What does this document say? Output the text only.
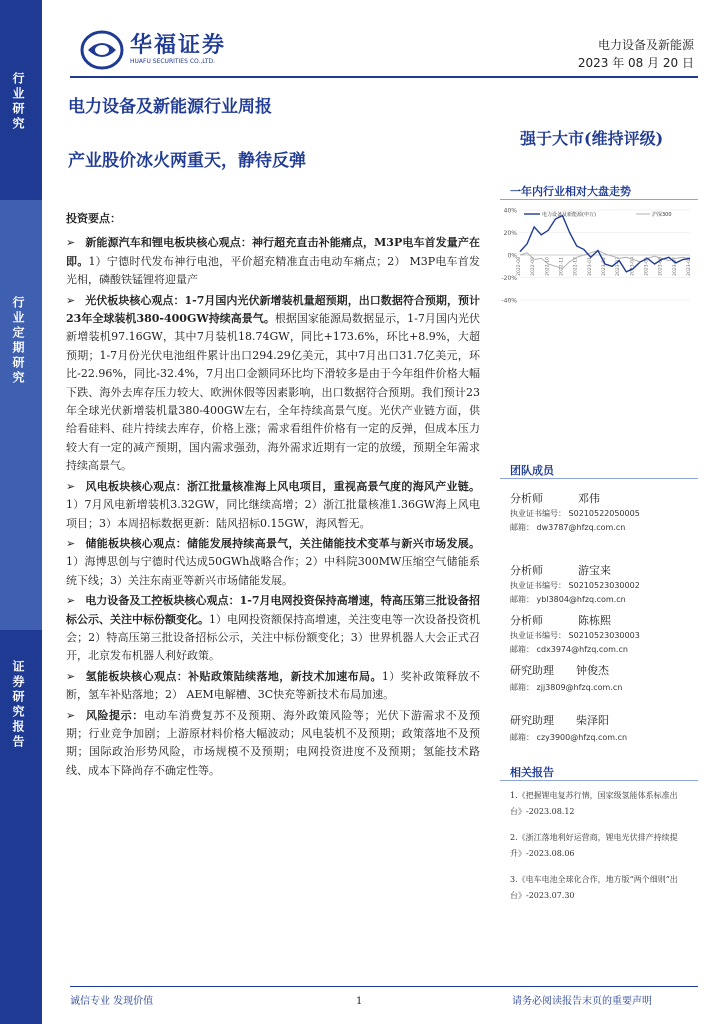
行业研究
行业定期研究
证券研究报告
华福证券
HUAFU SECURITIES CO.,LTD.
电力设备及新能源
2023 年 08 月 20 日
电力设备及新能源行业周报
强于大市(维持评级)
产业股价冰火两重天，静待反弹
一年内行业相对大盘走势
40%
20%
0%
-20%
-40%
2022-08 2022-09 2022-10 2022-11 2022-12 2023-01 2023-02 2023-03 2023-04 2023-05 2023-06 2023-07 2023-08
电力设备及新能源(申万)	沪深300
投资要点：

➢ 新能源汽车和锂电板块核心观点：神行超充直击补能痛点，M3P电车首发量产在即。1）宁德时代发布神行电池，平价超充精准直击电动车痛点；2） M3P电车首发光相，磷酸铁锰锂将迎量产

➢ 光伏板块核心观点：1-7月国内光伏新增装机量超预期，出口数据符合预期，预计23年全球装机380-400GW持续高景气。根据国家能源局数据显示，1-7月国内光伏新增装机97.16GW，其中7月装机18.74GW，同比+173.6%，环比+8.9%，大超预期；1-7月份光伏电池组件累计出口294.29亿美元，其中7月出口31.7亿美元，环比-22.96%，同比-32.4%，7月出口金额同环比均下滑较多是由于今年组件价格大幅下跌、海外去库存压力较大、欧洲休假等因素影响，出口数据符合预期。我们预计23年全球光伏新增装机量380-400GW左右，全年持续高景气度。光伏产业链方面，供给看硅料、硅片持续去库存，价格上涨；需求看组件价格有一定的反弹，但成本压力较大有一定的减产预期，国内需求强劲，海外需求近期有一定的放缓，预期全年需求持续高景气。

➢ 风电板块核心观点：浙江批量核准海上风电项目，重视高景气度的海风产业链。1）7月风电新增装机3.32GW，同比继续高增；2）浙江批量核准1.36GW海上风电项目；3）本周招标数据更新：陆风招标0.15GW，海风暂无。

➢ 储能板块核心观点：储能发展持续高景气，关注储能技术变革与新兴市场发展。1）海博思创与宁德时代达成50GWh战略合作；2）中科院300MW压缩空气储能系统下线；3）关注东南亚等新兴市场储能发展。

➢ 电力设备及工控板块核心观点：1-7月电网投资保持高增速，特高压第三批设备招标公示、关注中标份额变化。1）电网投资额保持高增速，关注变电等一次设备投资机会；2）特高压第三批设备招标公示，关注中标份额变化；3）世界机器人大会正式召开，北京发布机器人利好政策。

➢ 氢能板块核心观点：补贴政策陆续落地，新技术加速布局。1）奖补政策释放不断，氢车补贴落地；2） AEM电解槽、3C快充等新技术布局加速。

➢ 风险提示：电动车消费复苏不及预期、海外政策风险等；光伏下游需求不及预期；行业竞争加剧；上游原材料价格大幅波动；风电装机不及预期；政策落地不及预期；国际政治形势风险，市场规模不及预期；电网投资进度不及预期；氢能技术路线、成本下降尚存不确定性等。

团队成员
分析师	邓伟
执业证书编号： S0210522050005
邮箱： dw3787@hfzq.com.cn
分析师	游宝来
执业证书编号： S0210523030002
邮箱： ybl3804@hfzq.com.cn
分析师	陈栋熙
执业证书编号： S0210523030003
邮箱： cdx3974@hfzq.com.cn
研究助理 钟俊杰
邮箱： zjj3809@hfzq.com.cn
研究助理 柴泽阳
邮箱： czy3900@hfzq.com.cn
相关报告
1.《把握锂电复苏行情，国家级氢能体系标准出台》-2023.08.12
2.《浙江落地利好运营商，锂电光伏排产持续提升》-2023.08.06
3.《电车电池全球化合作，地方版“两个细则”出台》-2023.07.30
诚信专业 发现价值	1	请务必阅读报告末页的重要声明
